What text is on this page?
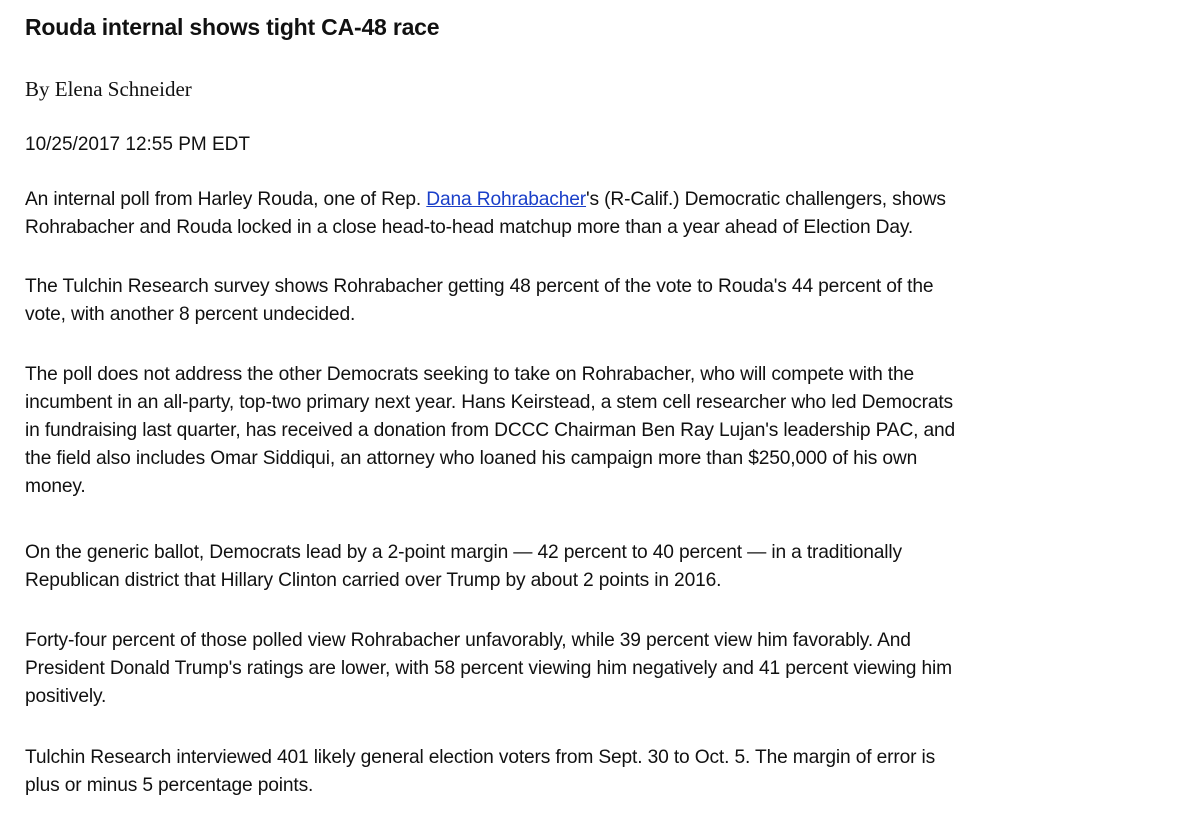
Rouda internal shows tight CA-48 race

By Elena Schneider

10/25/2017 12:55 PM EDT

An internal poll from Harley Rouda, one of Rep. Dana Rohrabacher's (R-Calif.) Democratic challengers, shows
Rohrabacher and Rouda locked in a close head-to-head matchup more than a year ahead of Election Day.

The Tulchin Research survey shows Rohrabacher getting 48 percent of the vote to Rouda's 44 percent of the
vote, with another 8 percent undecided.

The poll does not address the other Democrats seeking to take on Rohrabacher, who will compete with the
incumbent in an all-party, top-two primary next year. Hans Keirstead, a stem cell researcher who led Democrats
in fundraising last quarter, has received a donation from DCCC Chairman Ben Ray Lujan's leadership PAC, and
the field also includes Omar Siddiqui, an attorney who loaned his campaign more than $250,000 of his own
money.

On the generic ballot, Democrats lead by a 2-point margin — 42 percent to 40 percent — in a traditionally
Republican district that Hillary Clinton carried over Trump by about 2 points in 2016.

Forty-four percent of those polled view Rohrabacher unfavorably, while 39 percent view him favorably. And
President Donald Trump's ratings are lower, with 58 percent viewing him negatively and 41 percent viewing him
positively.

Tulchin Research interviewed 401 likely general election voters from Sept. 30 to Oct. 5. The margin of error is
plus or minus 5 percentage points.
